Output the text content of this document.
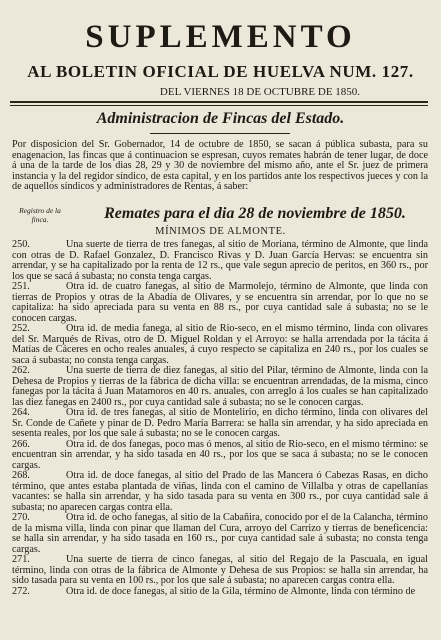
SUPLEMENTO
AL BOLETIN OFICIAL DE HUELVA NUM. 127.
DEL VIERNES 18 DE OCTUBRE DE 1850.
Administracion de Fincas del Estado.
Por disposicion del Sr. Gobernador, 14 de octubre de 1850, se sacan á pública subasta, para su enagenacion, las fincas que á continuacion se espresan, cuyos remates habrán de tener lugar, de doce á una de la tarde de los dias 28, 29 y 30 de noviembre del mismo año, ante el Sr. juez de primera instancia y la del regidor síndico, de esta capital, y en los partidos ante los respectivos jueces y con la de aquellos síndicos y administradores de Rentas, á saber:
Registro de la finca.	Remates para el dia 28 de noviembre de 1850.
MÍNIMOS DE ALMONTE.
250.	Una suerte de tierra de tres fanegas, al sitio de Moriana, término de Almonte, que linda con otras de D. Rafael Gonzalez, D. Francisco Rivas y D. Juan García Hervas: se encuentra sin arrendar, y se ha capitalizado por la renta de 12 rs., que vale segun aprecio de peritos, en 360 rs., por los que se sacá á subasta; no consta tenga cargas.
251.	Otra id. de cuatro fanegas, al sitio de Marmolejo, término de Almonte, que linda con tierras de Propios y otras de la Abadía de Olivares, y se encuentra sin arrendar, por lo que no se capitaliza: ha sido apreciada para su venta en 88 rs., por cuya cantidad sale á subasta; no se le conocen cargas.
252.	Otra id. de media fanega, al sitio de Rio-seco, en el mismo término, linda con olivares del Sr. Marqués de Rivas, otro de D. Miguel Roldan y el Arroyo: se halla arrendada por la tácita á Matías de Cáceres en ocho reales anuales, á cuyo respecto se capitaliza en 240 rs., por los cuales se saca á subasta; no consta tenga cargas.
262.	Una suerte de tierra de diez fanegas, al sitio del Pilar, término de Almonte, linda con la Dehesa de Propios y tierras de la fábrica de dicha villa: se encuentran arrendadas, de la misma, cinco fanegas por la tácita á Juan Matamoros en 40 rs. anuales, con arreglo á los cuales se han capitalizado las diez fanegas en 2400 rs., por cuya cantidad sale á subasta; no se le conocen cargas.
264.	Otra id. de tres fanegas, al sitio de Montelirio, en dicho término, linda con olivares del Sr. Conde de Cañete y pinar de D. Pedro María Barrera: se halla sin arrendar, y ha sido apreciada en sesenta reales, por los que sale á subasta; no se le conocen cargas.
266.	Otra id. de dos fanegas, poco mas ó menos, al sitio de Rio-seco, en el mismo término: se encuentran sin arrendar, y ha sido tasada en 40 rs., por los que se saca á subasta; no se le conocen cargas.
268.	Otra id. de doce fanegas, al sitio del Prado de las Mancera ó Cabezas Rasas, en dicho término, que antes estaba plantada de viñas, linda con el camino de Villalba y otras de capellanías vacantes: se halla sin arrendar, y ha sido tasada para su venta en 300 rs., por cuya cantidad sale á subasta; no aparecen cargas contra ella.
270.	Otra id. de ocho fanegas, al sitio de la Cabañira, conocido por el de la Calancha, término de la misma villa, linda con pinar que llaman del Cura, arroyo del Carrizo y tierras de beneficencia: se halla sin arrendar, y ha sido tasada en 160 rs., por cuya cantidad sale á subasta; no consta tenga cargas.
271.	Una suerte de tierra de cinco fanegas, al sitio del Regajo de la Pascuala, en igual término, linda con otras de la fábrica de Almonte y Dehesa de sus Propios: se halla sin arrendar, ha sido tasada para su venta en 100 rs., por los que sale á subasta; no aparecen cargas contra ella.
272.	Otra id. de doce fanegas, al sitio de la Gila, término de Almonte, linda con término de
